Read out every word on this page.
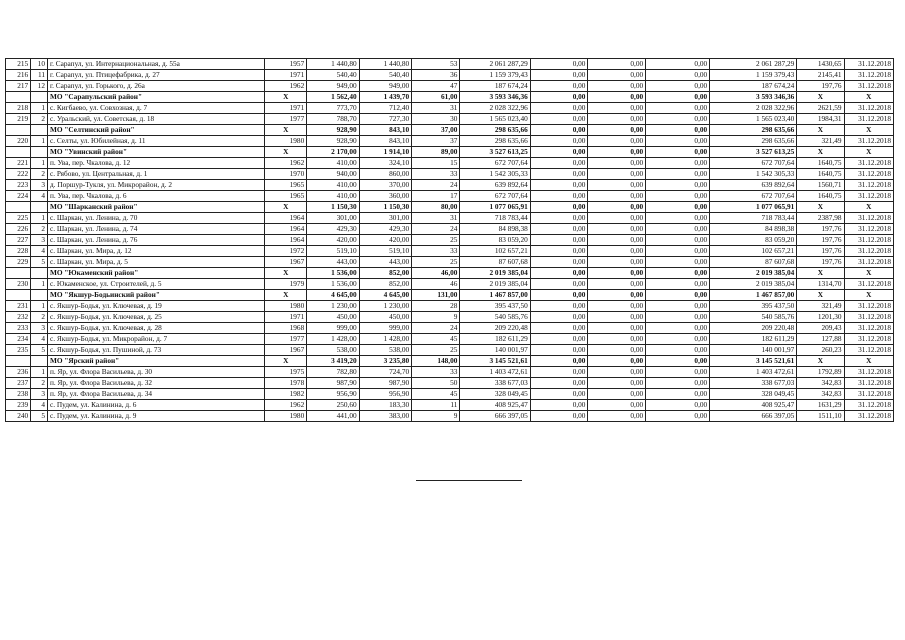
215	10	г. Сарапул, ул. Интернациональная, д. 55а	1957	1 440,80	1 440,80	53	2 061 287,29	0,00	0,00	0,00	2 061 287,29	1430,65	31.12.2018
216	11	г. Сарапул, ул. Птицефабрика, д. 27	1971	540,40	540,40	36	1 159 379,43	0,00	0,00	0,00	1 159 379,43	2145,41	31.12.2018
217	12	г. Сарапул, ул. Горького, д. 26а	1962	949,00	949,00	47	187 674,24	0,00	0,00	0,00	187 674,24	197,76	31.12.2018
		МО "Сарапульский район"	X	1 562,40	1 439,70	61,00	3 593 346,36	0,00	0,00	0,00	3 593 346,36	X	X
218	1	с. Кигбаево, ул. Совхозная, д. 7	1971	773,70	712,40	31	2 028 322,96	0,00	0,00	0,00	2 028 322,96	2621,59	31.12.2018
219	2	с. Уральский, ул. Советская, д. 18	1977	788,70	727,30	30	1 565 023,40	0,00	0,00	0,00	1 565 023,40	1984,31	31.12.2018
		МО "Селтинский район"	X	928,90	843,10	37,00	298 635,66	0,00	0,00	0,00	298 635,66	X	X
220	1	с. Селты, ул. Юбилейная, д. 11	1980	928,90	843,10	37	298 635,66	0,00	0,00	0,00	298 635,66	321,49	31.12.2018
		МО "Увинский район"	X	2 170,00	1 914,10	89,00	3 527 613,25	0,00	0,00	0,00	3 527 613,25	X	X
221	1	п. Ува, пер. Чкалова, д. 12	1962	410,00	324,10	15	672 707,64	0,00	0,00	0,00	672 707,64	1640,75	31.12.2018
222	2	с. Рябово, ул. Центральная, д. 1	1970	940,00	860,00	33	1 542 305,33	0,00	0,00	0,00	1 542 305,33	1640,75	31.12.2018
223	3	д. Поршур-Тукля, ул. Микрорайон, д. 2	1965	410,00	370,00	24	639 892,64	0,00	0,00	0,00	639 892,64	1560,71	31.12.2018
224	4	п. Ува, пер. Чкалова, д. 6	1965	410,00	360,00	17	672 707,64	0,00	0,00	0,00	672 707,64	1640,75	31.12.2018
		МО "Шарканский район"	X	1 150,30	1 150,30	80,00	1 077 065,91	0,00	0,00	0,00	1 077 065,91	X	X
225	1	с. Шаркан, ул. Ленина, д. 70	1964	301,00	301,00	31	718 783,44	0,00	0,00	0,00	718 783,44	2387,98	31.12.2018
226	2	с. Шаркан, ул. Ленина, д. 74	1964	429,30	429,30	24	84 898,38	0,00	0,00	0,00	84 898,38	197,76	31.12.2018
227	3	с. Шаркан, ул. Ленина, д. 76	1964	420,00	420,00	25	83 059,20	0,00	0,00	0,00	83 059,20	197,76	31.12.2018
228	4	с. Шаркан, ул. Мира, д. 12	1972	519,10	519,10	33	102 657,21	0,00	0,00	0,00	102 657,21	197,76	31.12.2018
229	5	с. Шаркан, ул. Мира, д. 5	1967	443,00	443,00	25	87 607,68	0,00	0,00	0,00	87 607,68	197,76	31.12.2018
		МО "Юкаменский район"	X	1 536,00	852,00	46,00	2 019 385,04	0,00	0,00	0,00	2 019 385,04	X	X
230	1	с. Юкаменское, ул. Строителей, д. 5	1979	1 536,00	852,00	46	2 019 385,04	0,00	0,00	0,00	2 019 385,04	1314,70	31.12.2018
		МО "Якшур-Бодьинский район"	X	4 645,00	4 645,00	131,00	1 467 857,00	0,00	0,00	0,00	1 467 857,00	X	X
231	1	с. Якшур-Бодья, ул. Ключевая, д. 19	1980	1 230,00	1 230,00	28	395 437,50	0,00	0,00	0,00	395 437,50	321,49	31.12.2018
232	2	с. Якшур-Бодья, ул. Ключевая, д. 25	1971	450,00	450,00	9	540 585,76	0,00	0,00	0,00	540 585,76	1201,30	31.12.2018
233	3	с. Якшур-Бодья, ул. Ключевая, д. 28	1968	999,00	999,00	24	209 220,48	0,00	0,00	0,00	209 220,48	209,43	31.12.2018
234	4	с. Якшур-Бодья, ул. Микрорайон, д. 7	1977	1 428,00	1 428,00	45	182 611,29	0,00	0,00	0,00	182 611,29	127,88	31.12.2018
235	5	с. Якшур-Бодья, ул. Пушиной, д. 73	1967	538,00	538,00	25	140 001,97	0,00	0,00	0,00	140 001,97	260,23	31.12.2018
		МО "Ярский район"	X	3 419,20	3 235,80	148,00	3 145 521,61	0,00	0,00	0,00	3 145 521,61	X	X
236	1	п. Яр, ул. Флора Васильева, д. 30	1975	782,80	724,70	33	1 403 472,61	0,00	0,00	0,00	1 403 472,61	1792,89	31.12.2018
237	2	п. Яр, ул. Флора Васильева, д. 32	1978	987,90	987,90	50	338 677,03	0,00	0,00	0,00	338 677,03	342,83	31.12.2018
238	3	п. Яр, ул. Флора Васильева, д. 34	1982	956,90	956,90	45	328 049,45	0,00	0,00	0,00	328 049,45	342,83	31.12.2018
239	4	с. Пудем, ул. Калинина, д. 6	1962	250,60	183,30	11	408 925,47	0,00	0,00	0,00	408 925,47	1631,29	31.12.2018
240	5	с. Пудем, ул. Калинина, д. 9	1980	441,00	383,00	9	666 397,05	0,00	0,00	0,00	666 397,05	1511,10	31.12.2018
